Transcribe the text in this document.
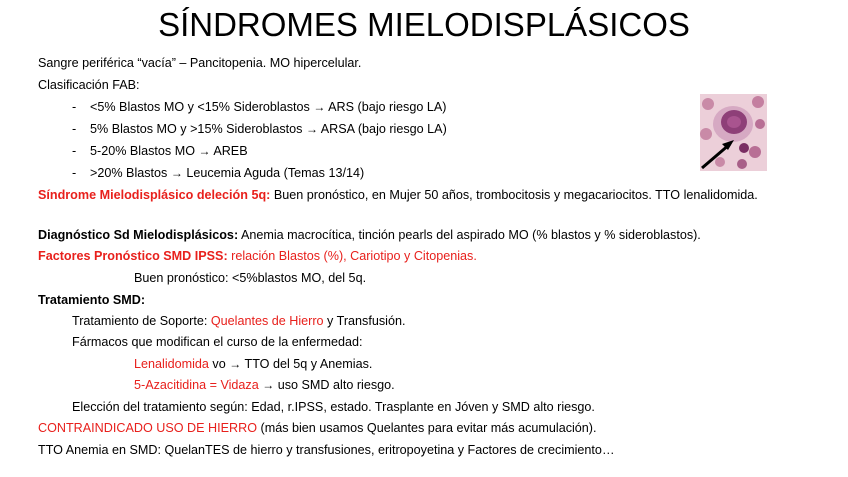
SÍNDROMES MIELODISPLÁSICOS
Sangre periférica “vacía” – Pancitopenia. MO hipercelular.
Clasificación FAB:
- <5% Blastos MO y <15% Sideroblastos → ARS (bajo riesgo LA)
- 5% Blastos MO y >15% Sideroblastos → ARSA (bajo riesgo LA)
- 5-20% Blastos MO → AREB
- >20% Blastos → Leucemia Aguda (Temas 13/14)
Síndrome Mielodisplásico deleción 5q: Buen pronóstico, en Mujer 50 años, trombocitosis y megacariocitos. TTO lenalidomida.
Diagnóstico Sd Mielodisplásicos: Anemia macrocítica, tinción pearls del aspirado MO (% blastos y % sideroblastos).
Factores Pronóstico SMD IPSS: relación Blastos (%), Cariotipo y Citopenias.
Buen pronóstico: <5%blastos MO, del 5q.
Tratamiento SMD:
Tratamiento de Soporte: Quelantes de Hierro y Transfusión.
Fármacos que modifican el curso de la enfermedad:
Lenalidomida vo → TTO del 5q y Anemias.
5-Azacitidina = Vidaza → uso SMD alto riesgo.
Elección del tratamiento según: Edad, r.IPSS, estado. Trasplante en Jóven y SMD alto riesgo.
CONTRAINDICADO USO DE HIERRO (más bien usamos Quelantes para evitar más acumulación).
TTO Anemia en SMD: QuelanTES de hierro y transfusiones, eritropoyetina y Factores de crecimiento…
